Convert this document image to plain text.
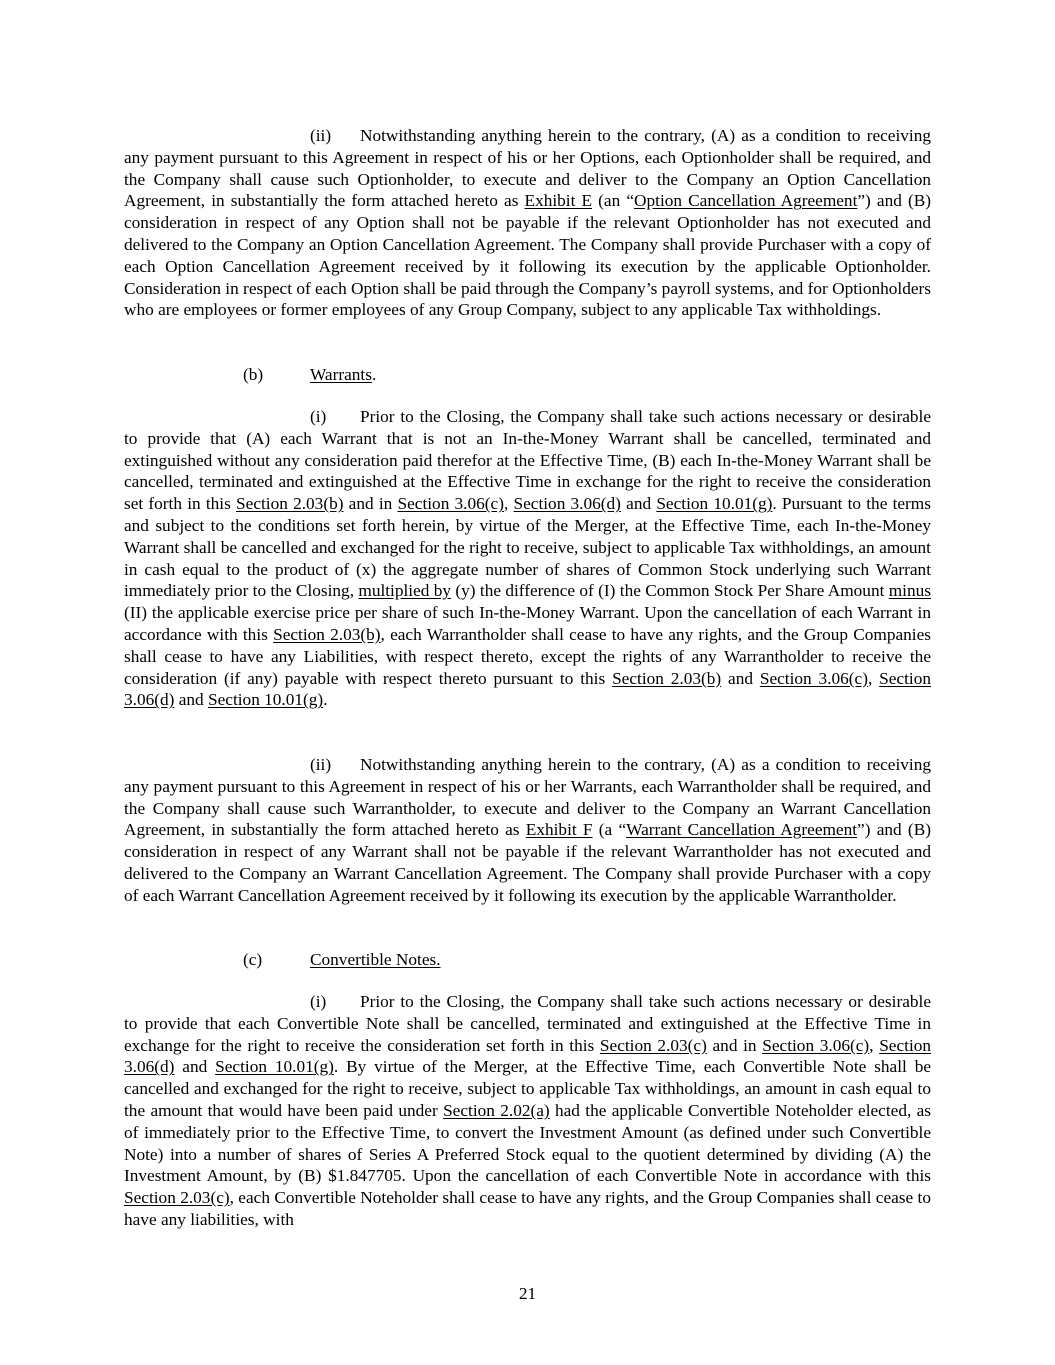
(ii) Notwithstanding anything herein to the contrary, (A) as a condition to receiving any payment pursuant to this Agreement in respect of his or her Options, each Optionholder shall be required, and the Company shall cause such Optionholder, to execute and deliver to the Company an Option Cancellation Agreement, in substantially the form attached hereto as Exhibit E (an “Option Cancellation Agreement”) and (B) consideration in respect of any Option shall not be payable if the relevant Optionholder has not executed and delivered to the Company an Option Cancellation Agreement. The Company shall provide Purchaser with a copy of each Option Cancellation Agreement received by it following its execution by the applicable Optionholder. Consideration in respect of each Option shall be paid through the Company’s payroll systems, and for Optionholders who are employees or former employees of any Group Company, subject to any applicable Tax withholdings.

(b)	Warrants.

(i) Prior to the Closing, the Company shall take such actions necessary or desirable to provide that (A) each Warrant that is not an In-the-Money Warrant shall be cancelled, terminated and extinguished without any consideration paid therefor at the Effective Time, (B) each In-the-Money Warrant shall be cancelled, terminated and extinguished at the Effective Time in exchange for the right to receive the consideration set forth in this Section 2.03(b) and in Section 3.06(c), Section 3.06(d) and Section 10.01(g). Pursuant to the terms and subject to the conditions set forth herein, by virtue of the Merger, at the Effective Time, each In-the-Money Warrant shall be cancelled and exchanged for the right to receive, subject to applicable Tax withholdings, an amount in cash equal to the product of (x) the aggregate number of shares of Common Stock underlying such Warrant immediately prior to the Closing, multiplied by (y) the difference of (I) the Common Stock Per Share Amount minus (II) the applicable exercise price per share of such In-the-Money Warrant. Upon the cancellation of each Warrant in accordance with this Section 2.03(b), each Warrantholder shall cease to have any rights, and the Group Companies shall cease to have any Liabilities, with respect thereto, except the rights of any Warrantholder to receive the consideration (if any) payable with respect thereto pursuant to this Section 2.03(b) and Section 3.06(c), Section 3.06(d) and Section 10.01(g).

(ii) Notwithstanding anything herein to the contrary, (A) as a condition to receiving any payment pursuant to this Agreement in respect of his or her Warrants, each Warrantholder shall be required, and the Company shall cause such Warrantholder, to execute and deliver to the Company an Warrant Cancellation Agreement, in substantially the form attached hereto as Exhibit F (a “Warrant Cancellation Agreement”) and (B) consideration in respect of any Warrant shall not be payable if the relevant Warrantholder has not executed and delivered to the Company an Warrant Cancellation Agreement. The Company shall provide Purchaser with a copy of each Warrant Cancellation Agreement received by it following its execution by the applicable Warrantholder.

(c)	Convertible Notes.

(i) Prior to the Closing, the Company shall take such actions necessary or desirable to provide that each Convertible Note shall be cancelled, terminated and extinguished at the Effective Time in exchange for the right to receive the consideration set forth in this Section 2.03(c) and in Section 3.06(c), Section 3.06(d) and Section 10.01(g). By virtue of the Merger, at the Effective Time, each Convertible Note shall be cancelled and exchanged for the right to receive, subject to applicable Tax withholdings, an amount in cash equal to the amount that would have been paid under Section 2.02(a) had the applicable Convertible Noteholder elected, as of immediately prior to the Effective Time, to convert the Investment Amount (as defined under such Convertible Note) into a number of shares of Series A Preferred Stock equal to the quotient determined by dividing (A) the Investment Amount, by (B) $1.847705. Upon the cancellation of each Convertible Note in accordance with this Section 2.03(c), each Convertible Noteholder shall cease to have any rights, and the Group Companies shall cease to have any liabilities, with

21
